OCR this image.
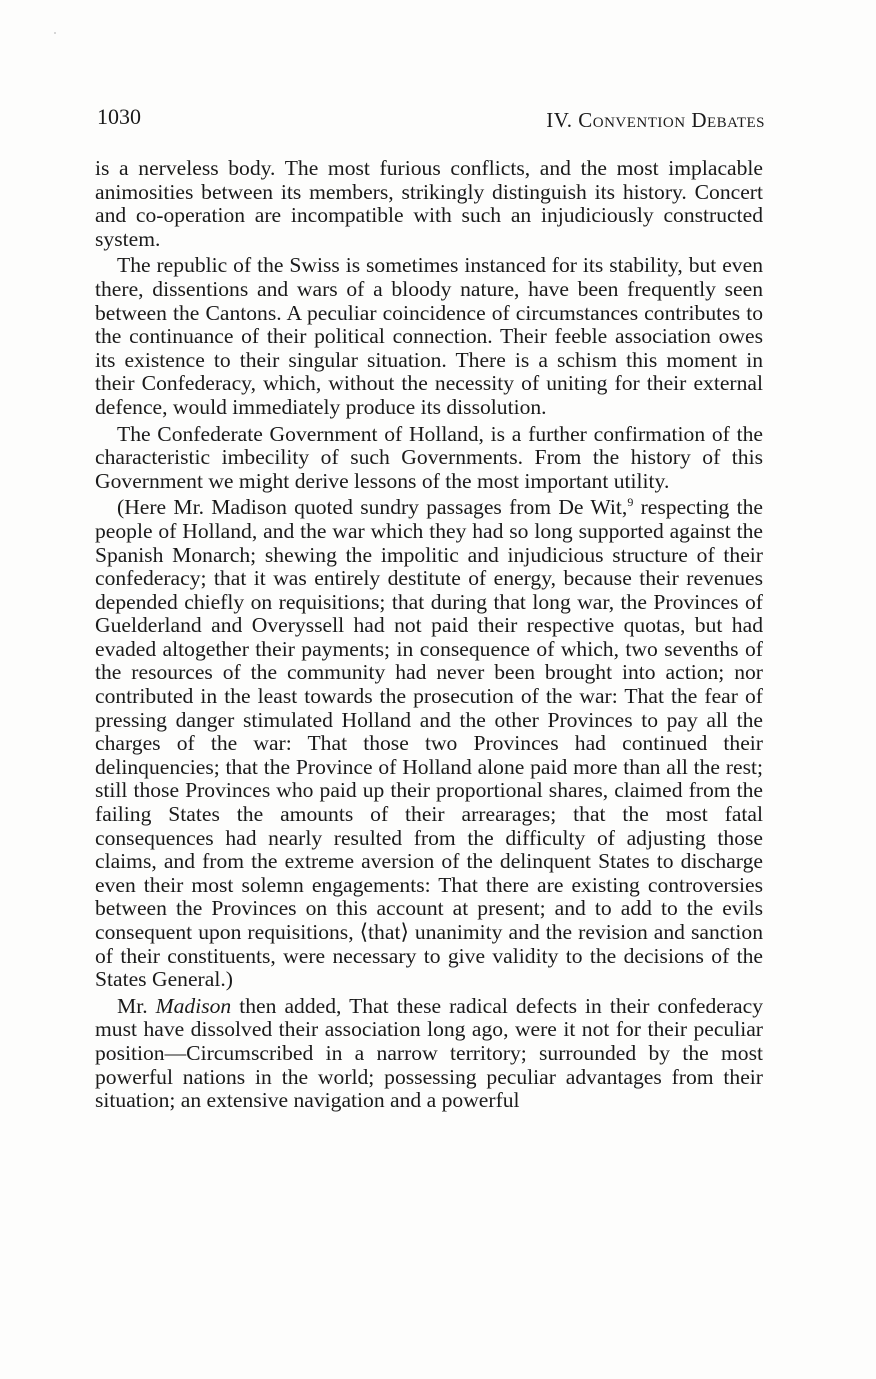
1030	IV. Convention Debates

is a nerveless body. The most furious conflicts, and the most implacable animosities between its members, strikingly distinguish its history. Concert and co-operation are incompatible with such an injudiciously constructed system.

The republic of the Swiss is sometimes instanced for its stability, but even there, dissentions and wars of a bloody nature, have been frequently seen between the Cantons. A peculiar coincidence of circumstances contributes to the continuance of their political connection. Their feeble association owes its existence to their singular situation. There is a schism this moment in their Confederacy, which, without the necessity of uniting for their external defence, would immediately produce its dissolution.

The Confederate Government of Holland, is a further confirmation of the characteristic imbecility of such Governments. From the history of this Government we might derive lessons of the most important utility.

(Here Mr. Madison quoted sundry passages from De Wit,$^9$ respecting the people of Holland, and the war which they had so long supported against the Spanish Monarch; shewing the impolitic and injudicious structure of their confederacy; that it was entirely destitute of energy, because their revenues depended chiefly on requisitions; that during that long war, the Provinces of Guelderland and Overyssell had not paid their respective quotas, but had evaded altogether their payments; in consequence of which, two sevenths of the resources of the community had never been brought into action; nor contributed in the least towards the prosecution of the war: That the fear of pressing danger stimulated Holland and the other Provinces to pay all the charges of the war: That those two Provinces had continued their delinquencies; that the Province of Holland alone paid more than all the rest; still those Provinces who paid up their proportional shares, claimed from the failing States the amounts of their arrearages; that the most fatal consequences had nearly resulted from the difficulty of adjusting those claims, and from the extreme aversion of the delinquent States to discharge even their most solemn engagements: That there are existing controversies between the Provinces on this account at present; and to add to the evils consequent upon requisitions, ⟨that⟩ unanimity and the revision and sanction of their constituents, were necessary to give validity to the decisions of the States General.)

Mr. Madison then added, That these radical defects in their confederacy must have dissolved their association long ago, were it not for their peculiar position—Circumscribed in a narrow territory; surrounded by the most powerful nations in the world; possessing peculiar advantages from their situation; an extensive navigation and a powerful
